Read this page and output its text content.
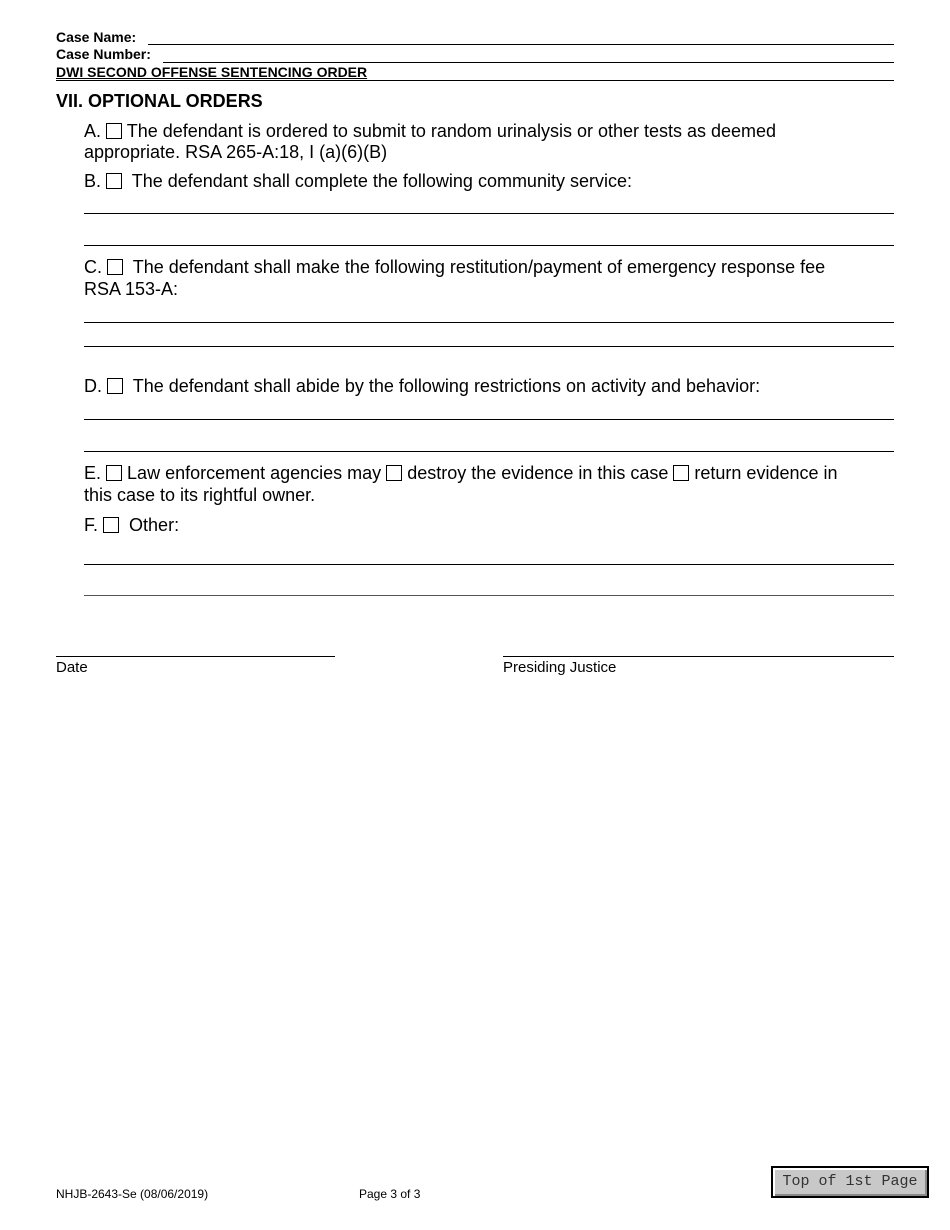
Case Name:
Case Number:
DWI SECOND OFFENSE SENTENCING ORDER
VII. OPTIONAL ORDERS
A. The defendant is ordered to submit to random urinalysis or other tests as deemed
appropriate. RSA 265-A:18, I (a)(6)(B)
B. The defendant shall complete the following community service:
C. The defendant shall make the following restitution/payment of emergency response fee
RSA 153-A:
D. The defendant shall abide by the following restrictions on activity and behavior:
E. Law enforcement agencies may destroy the evidence in this case return evidence in
this case to its rightful owner.
F. Other:
Date	Presiding Justice
NHJB-2643-Se (08/06/2019)	Page 3 of 3
Top of 1st Page
